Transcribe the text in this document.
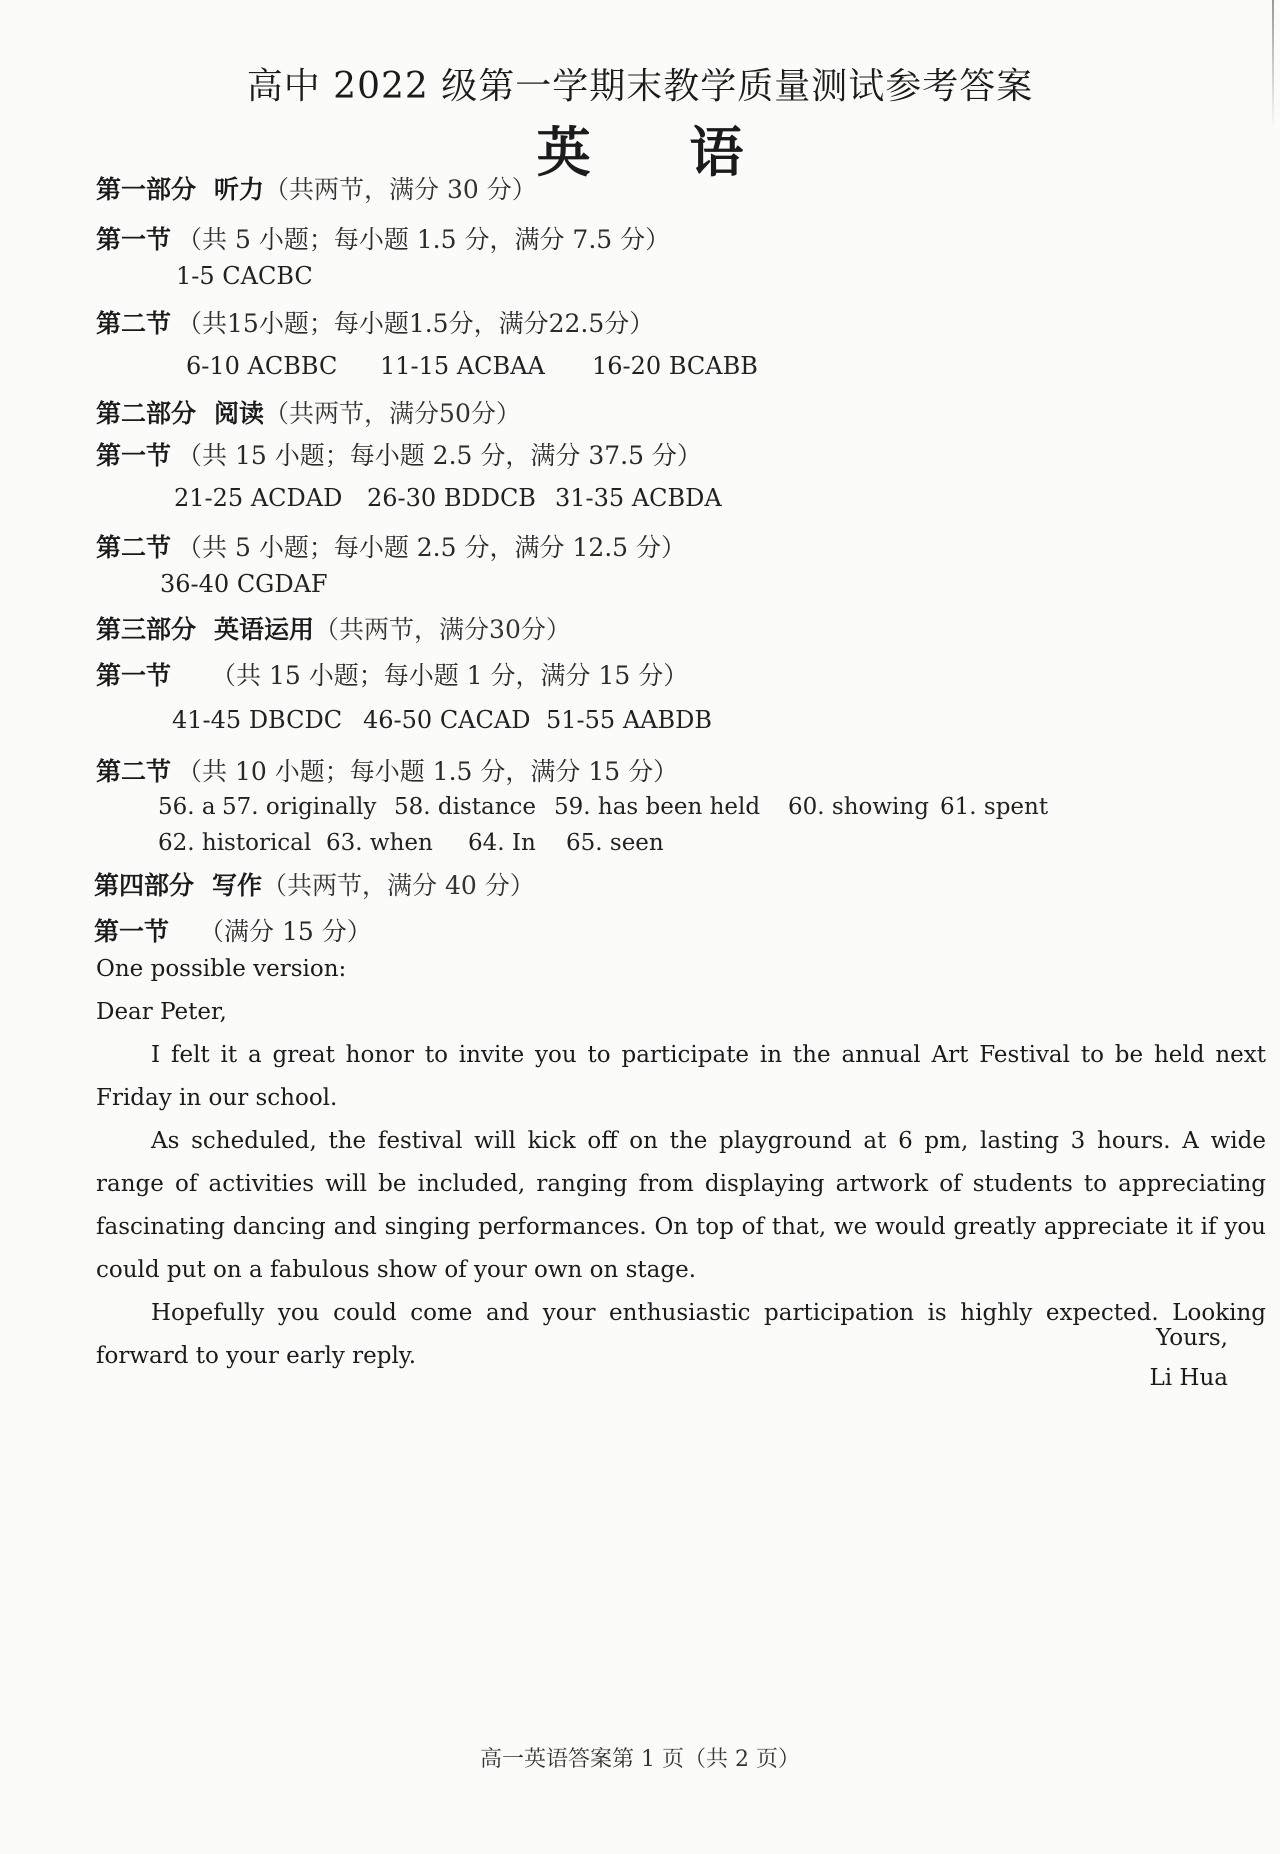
高中 2022 级第一学期末教学质量测试参考答案
英 语
第一部分 听力（共两节，满分 30 分）
第一节 （共 5 小题；每小题 1.5 分，满分 7.5 分）
1-5 CACBC
第二节 （共15小题；每小题1.5分，满分22.5分）
6-10 ACBBC 11-15 ACBAA 16-20 BCABB
第二部分 阅读（共两节，满分50分）
第一节 （共 15 小题；每小题 2.5 分，满分 37.5 分）
21-25 ACDAD 26-30 BDDCB 31-35 ACBDA
第二节 （共 5 小题；每小题 2.5 分，满分 12.5 分）
36-40 CGDAF
第三部分 英语运用（共两节，满分30分）
第一节 （共 15 小题；每小题 1 分，满分 15 分）
41-45 DBCDC 46-50 CACAD 51-55 AABDB
第二节 （共 10 小题；每小题 1.5 分，满分 15 分）
56. a 57. originally 58. distance 59. has been held 60. showing 61. spent
62. historical 63. when 64. In 65. seen
第四部分 写作（共两节，满分 40 分）
第一节 （满分 15 分）

One possible version:

Dear Peter,

I felt it a great honor to invite you to participate in the annual Art Festival to be held next Friday in our school.

As scheduled, the festival will kick off on the playground at 6 pm, lasting 3 hours. A wide range of activities will be included, ranging from displaying artwork of students to appreciating fascinating dancing and singing performances. On top of that, we would greatly appreciate it if you could put on a fabulous show of your own on stage.

Hopefully you could come and your enthusiastic participation is highly expected. Looking forward to your early reply.

Yours,
Li Hua
高一英语答案第 1 页（共 2 页）
